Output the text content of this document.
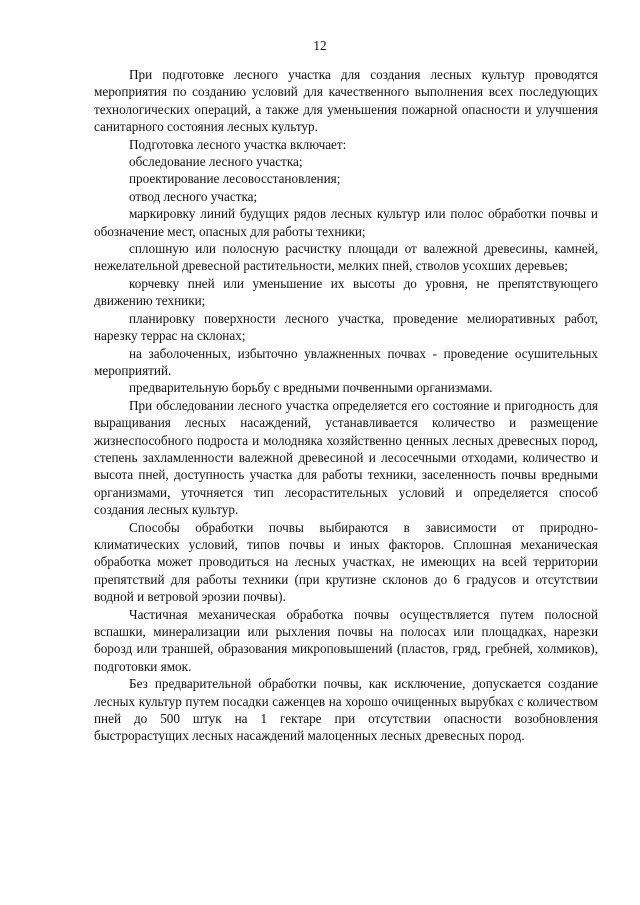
12

При подготовке лесного участка для создания лесных культур проводятся мероприятия по созданию условий для качественного выполнения всех последующих технологических операций, а также для уменьшения пожарной опасности и улучшения санитарного состояния лесных культур.

Подготовка лесного участка включает:

обследование лесного участка;

проектирование лесовосстановления;

отвод лесного участка;

маркировку линий будущих рядов лесных культур или полос обработки почвы и обозначение мест, опасных для работы техники;

сплошную или полосную расчистку площади от валежной древесины, камней, нежелательной древесной растительности, мелких пней, стволов усохших деревьев;

корчевку пней или уменьшение их высоты до уровня, не препятствующего движению техники;

планировку поверхности лесного участка, проведение мелиоративных работ, нарезку террас на склонах;

на заболоченных, избыточно увлажненных почвах - проведение осушительных мероприятий.

предварительную борьбу с вредными почвенными организмами.

При обследовании лесного участка определяется его состояние и пригодность для выращивания лесных насаждений, устанавливается количество и размещение жизнеспособного подроста и молодняка хозяйственно ценных лесных древесных пород, степень захламленности валежной древесиной и лесосечными отходами, количество и высота пней, доступность участка для работы техники, заселенность почвы вредными организмами, уточняется тип лесорастительных условий и определяется способ создания лесных культур.

Способы обработки почвы выбираются в зависимости от природно-климатических условий, типов почвы и иных факторов. Сплошная механическая обработка может проводиться на лесных участках, не имеющих на всей территории препятствий для работы техники (при крутизне склонов до 6 градусов и отсутствии водной и ветровой эрозии почвы).

Частичная механическая обработка почвы осуществляется путем полосной вспашки, минерализации или рыхления почвы на полосах или площадках, нарезки борозд или траншей, образования микроповышений (пластов, гряд, гребней, холмиков), подготовки ямок.

Без предварительной обработки почвы, как исключение, допускается создание лесных культур путем посадки саженцев на хорошо очищенных вырубках с количеством пней до 500 штук на 1 гектаре при отсутствии опасности возобновления быстрорастущих лесных насаждений малоценных лесных древесных пород.
